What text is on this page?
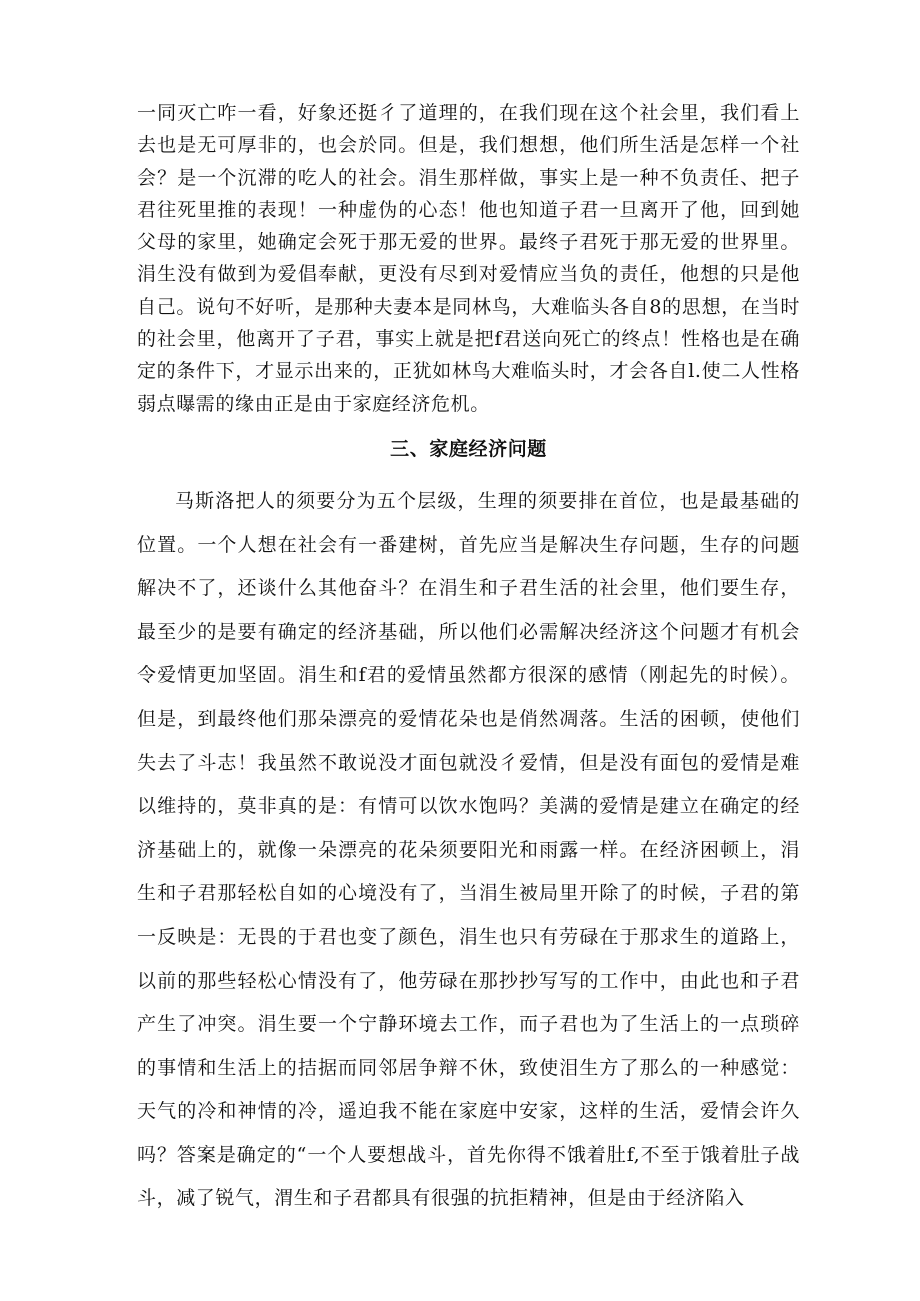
一同灭亡咋一看，好象还挺彳了道理的，在我们现在这个社会里，我们看上去也是无可厚非的，也会於同。但是，我们想想，他们所生活是怎样一个社会？是一个沉滞的吃人的社会。涓生那样做，事实上是一种不负责任、把子君往死里推的表现！一种虚伪的心态！他也知道子君一旦离开了他，回到她父母的家里，她确定会死于那无爱的世界。最终子君死于那无爱的世界里。涓生没有做到为爱倡奉献，更没有尽到对爱情应当负的责任，他想的只是他自己。说句不好听，是那种夫妻本是同林鸟，大难临头各自8的思想，在当时的社会里，他离开了子君，事实上就是把f君送向死亡的终点！性格也是在确定的条件下，才显示出来的，正犹如林鸟大难临头时，才会各自l.使二人性格弱点曝需的缘由正是由于家庭经济危机。

三、家庭经济问题

马斯洛把人的须要分为五个层级，生理的须要排在首位，也是最基础的位置。一个人想在社会有一番建树，首先应当是解决生存问题，生存的问题解决不了，还谈什么其他奋斗？在涓生和子君生活的社会里，他们要生存，最至少的是要有确定的经济基础，所以他们必需解决经济这个问题才有机会令爱情更加坚固。涓生和f君的爱情虽然都方很深的感情（刚起先的时候）。但是，到最终他们那朵漂亮的爱情花朵也是俏然凋落。生活的困顿，使他们失去了斗志！我虽然不敢说没才面包就没彳爱情，但是没有面包的爱情是难以维持的，莫非真的是：有情可以饮水饱吗？美满的爱情是建立在确定的经济基础上的，就像一朵漂亮的花朵须要阳光和雨露一样。在经济困顿上，涓生和子君那轻松自如的心境没有了，当涓生被局里开除了的时候，子君的第一反映是：无畏的于君也变了颜色，涓生也只有劳碌在于那求生的道路上，以前的那些轻松心情没有了，他劳碌在那抄抄写写的工作中，由此也和子君产生了冲突。涓生要一个宁静环境去工作，而子君也为了生活上的一点琐碎的事情和生活上的拮据而同邻居争辩不休，致使泪生方了那么的一种感觉：天气的冷和神情的冷，遥迫我不能在家庭中安家，这样的生活，爱情会许久吗？答案是确定的“一个人要想战斗，首先你得不饿着肚f,不至于饿着肚子战斗，减了锐气，渭生和子君都具有很强的抗拒精神，但是由于经济陷入
